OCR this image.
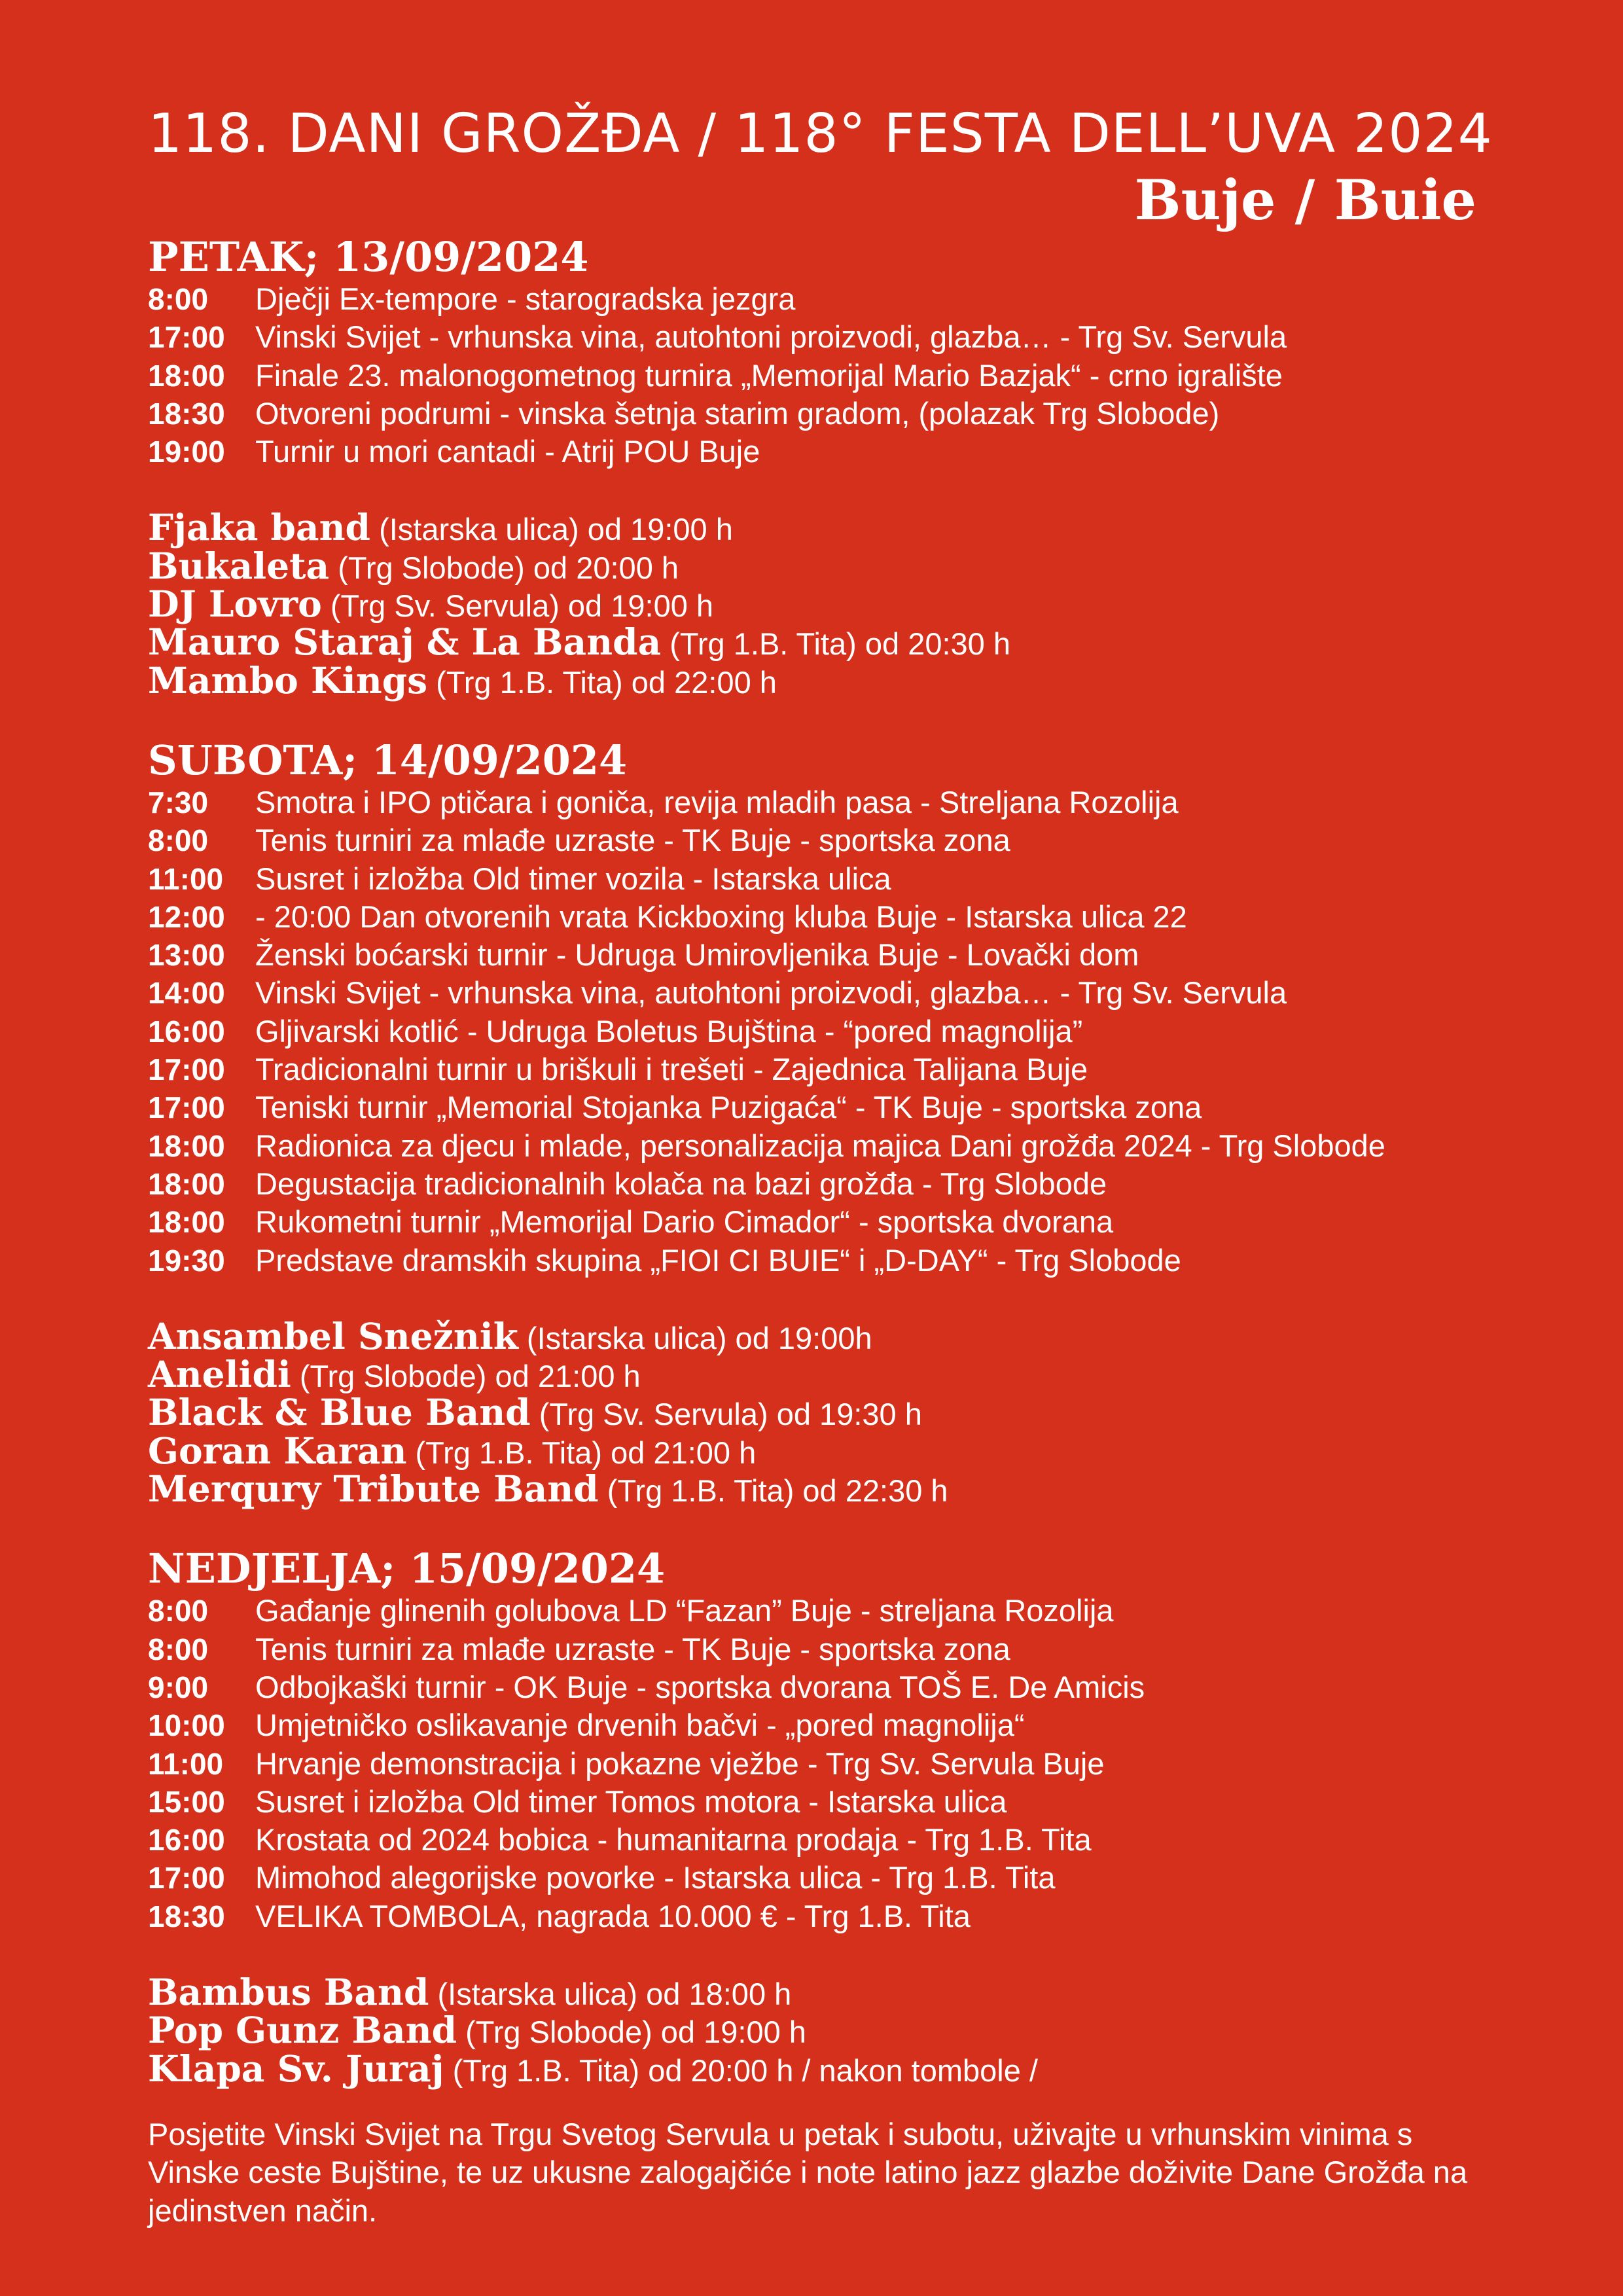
118. DANI GROŽĐA / 118° FESTA DELL’UVA 2024
Buje / Buie
PETAK; 13/09/2024
8:00 Dječji Ex-tempore - starogradska jezgra
17:00 Vinski Svijet - vrhunska vina, autohtoni proizvodi, glazba… - Trg Sv. Servula
18:00 Finale 23. malonogometnog turnira „Memorijal Mario Bazjak“ - crno igralište
18:30 Otvoreni podrumi - vinska šetnja starim gradom, (polazak Trg Slobode)
19:00 Turnir u mori cantadi - Atrij POU Buje
Fjaka band (Istarska ulica) od 19:00 h
Bukaleta (Trg Slobode) od 20:00 h
DJ Lovro (Trg Sv. Servula) od 19:00 h
Mauro Staraj & La Banda (Trg 1.B. Tita) od 20:30 h
Mambo Kings (Trg 1.B. Tita) od 22:00 h
SUBOTA; 14/09/2024
7:30 Smotra i IPO ptičara i goniča, revija mladih pasa - Streljana Rozolija
8:00 Tenis turniri za mlađe uzraste - TK Buje - sportska zona
11:00 Susret i izložba Old timer vozila - Istarska ulica
12:00 - 20:00 Dan otvorenih vrata Kickboxing kluba Buje - Istarska ulica 22
13:00 Ženski boćarski turnir - Udruga Umirovljenika Buje - Lovački dom
14:00 Vinski Svijet - vrhunska vina, autohtoni proizvodi, glazba… - Trg Sv. Servula
16:00 Gljivarski kotlić - Udruga Boletus Bujština - “pored magnolija”
17:00 Tradicionalni turnir u briškuli i trešeti - Zajednica Talijana Buje
17:00 Teniski turnir „Memorial Stojanka Puzigaća“ - TK Buje - sportska zona
18:00 Radionica za djecu i mlade, personalizacija majica Dani grožđa 2024 - Trg Slobode
18:00 Degustacija tradicionalnih kolača na bazi grožđa - Trg Slobode
18:00 Rukometni turnir „Memorijal Dario Cimador“ - sportska dvorana
19:30 Predstave dramskih skupina „FIOI CI BUIE“ i „D-DAY“ - Trg Slobode
Ansambel Snežnik (Istarska ulica) od 19:00h
Anelidi (Trg Slobode) od 21:00 h
Black & Blue Band (Trg Sv. Servula) od 19:30 h
Goran Karan (Trg 1.B. Tita) od 21:00 h
Merqury Tribute Band (Trg 1.B. Tita) od 22:30 h
NEDJELJA; 15/09/2024
8:00 Gađanje glinenih golubova LD “Fazan” Buje - streljana Rozolija
8:00 Tenis turniri za mlađe uzraste - TK Buje - sportska zona
9:00 Odbojkaški turnir - OK Buje - sportska dvorana TOŠ E. De Amicis
10:00 Umjetničko oslikavanje drvenih bačvi - „pored magnolija“
11:00 Hrvanje demonstracija i pokazne vježbe - Trg Sv. Servula Buje
15:00 Susret i izložba Old timer Tomos motora - Istarska ulica
16:00 Krostata od 2024 bobica - humanitarna prodaja - Trg 1.B. Tita
17:00 Mimohod alegorijske povorke - Istarska ulica - Trg 1.B. Tita
18:30 VELIKA TOMBOLA, nagrada 10.000 € - Trg 1.B. Tita
Bambus Band (Istarska ulica) od 18:00 h
Pop Gunz Band (Trg Slobode) od 19:00 h
Klapa Sv. Juraj (Trg 1.B. Tita) od 20:00 h / nakon tombole /
Posjetite Vinski Svijet na Trgu Svetog Servula u petak i subotu, uživajte u vrhunskim vinima s Vinske ceste Bujštine, te uz ukusne zalogajčiće i note latino jazz glazbe doživite Dane Grožđa na jedinstven način.
